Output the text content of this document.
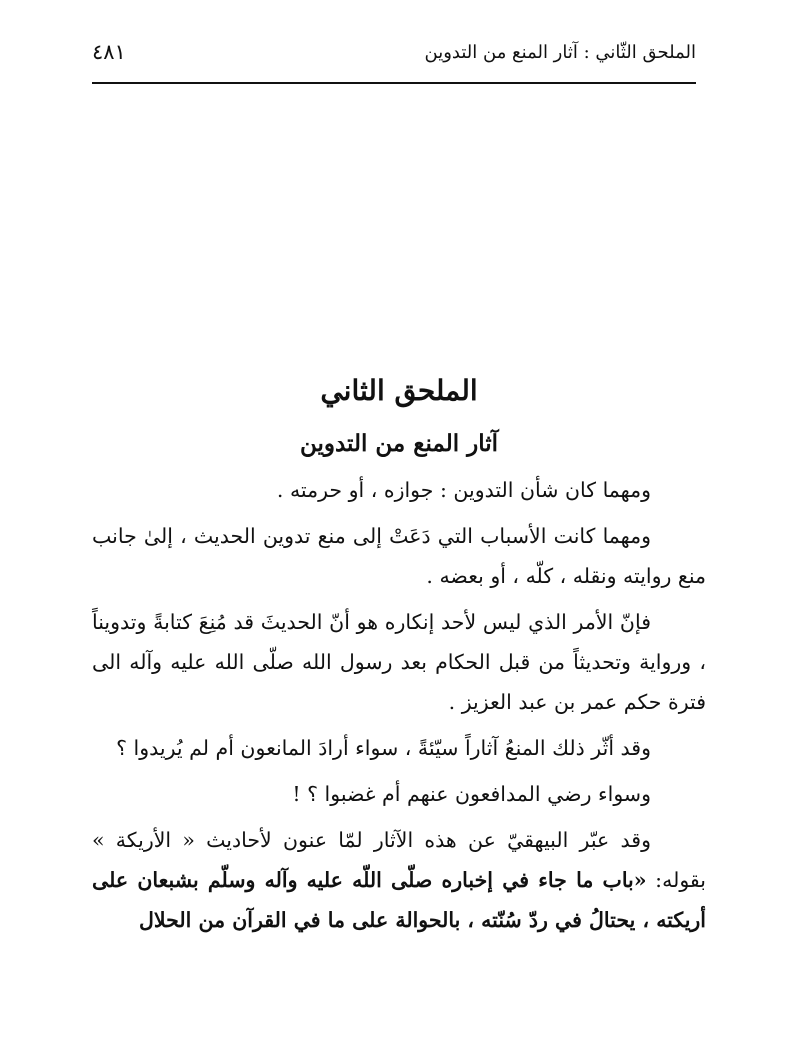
الملحق الثّاني : آثار المنع من التدوين
٤٨١
الملحق الثاني
آثار المنع من التدوين

ومهما كان شأن التدوين : جوازه ، أو حرمته .

ومهما كانت الأسباب التي دَعَتْ إلى منع تدوين الحديث ، إلىٰ جانب منع روايته ونقله ، كلّه ، أو بعضه .

فإنّ الأمر الذي ليس لأحد إنكاره هو أنّ الحديثَ قد مُنِعَ كتابةً وتدويناً ، ورواية وتحديثاً من قبل الحكام بعد رسول الله صلّى الله عليه وآله الى فترة حكم عمر بن عبد العزيز .

وقد أثّر ذلك المنعُ آثاراً سيّئةً ، سواء أرادَ المانعون أم لم يُريدوا ؟

وسواء رضي المدافعون عنهم أم غضبوا ؟ !

وقد عبّر البيهقيّ عن هذه الآثار لمّا عنون لأحاديث « الأريكة » بقوله: «باب ما جاء في إخباره صلّى اللّه عليه وآله وسلّم بشبعان على أريكته ، يحتالُ في ردّ سُنّته ، بالحوالة على ما في القرآن من الحلال
